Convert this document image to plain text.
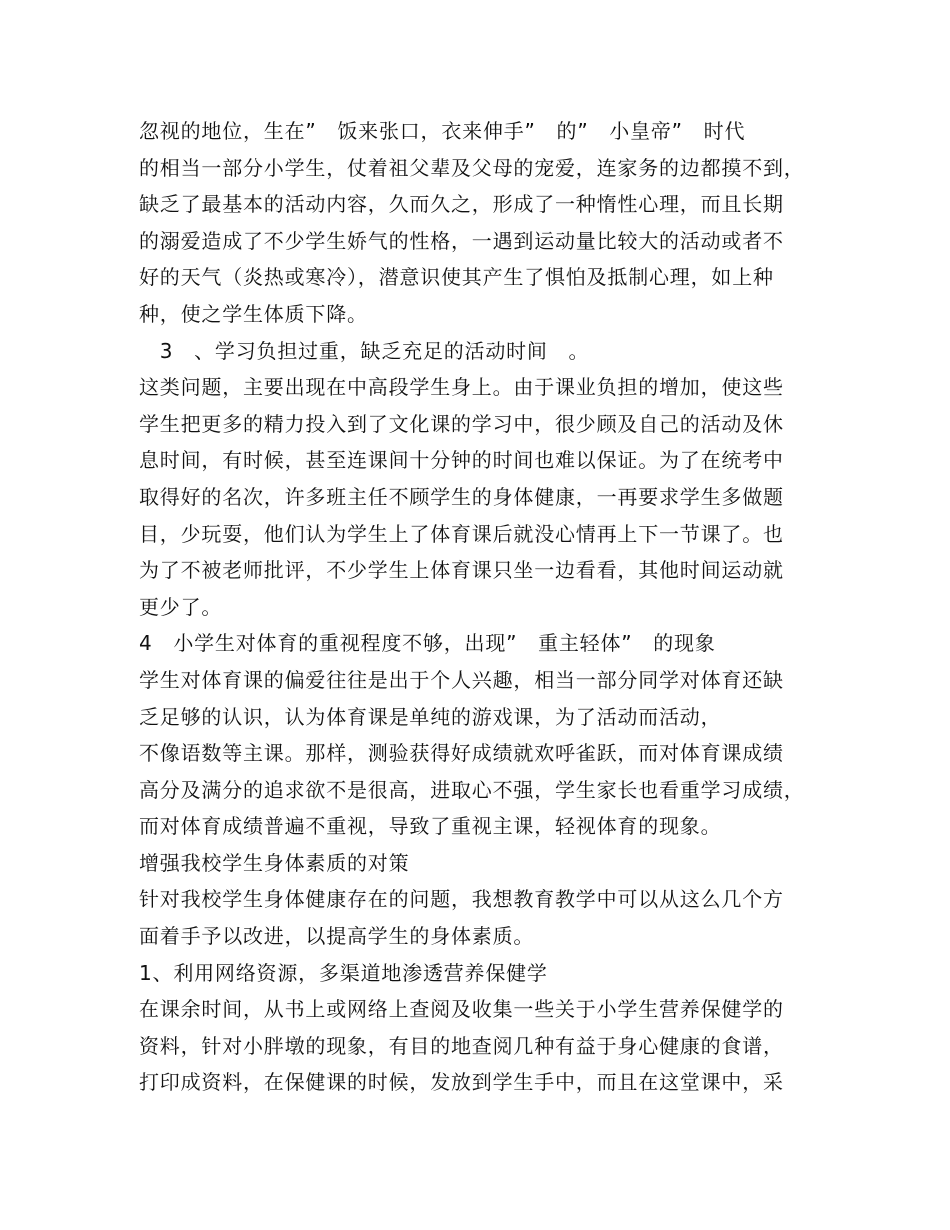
忽视的地位，生在”　饭来张口，衣来伸手”　的”　小皇帝”　时代
的相当一部分小学生，仗着祖父辈及父母的宠爱，连家务的边都摸不到，
缺乏了最基本的活动内容，久而久之，形成了一种惰性心理，而且长期
的溺爱造成了不少学生娇气的性格，一遇到运动量比较大的活动或者不
好的天气（炎热或寒冷），潜意识使其产生了惧怕及抵制心理，如上种
种，使之学生体质下降。
　3　、学习负担过重，缺乏充足的活动时间　。
这类问题，主要出现在中高段学生身上。由于课业负担的增加，使这些
学生把更多的精力投入到了文化课的学习中，很少顾及自己的活动及休
息时间，有时候，甚至连课间十分钟的时间也难以保证。为了在统考中
取得好的名次，许多班主任不顾学生的身体健康，一再要求学生多做题
目，少玩耍，他们认为学生上了体育课后就没心情再上下一节课了。也
为了不被老师批评，不少学生上体育课只坐一边看看，其他时间运动就
更少了。
4　小学生对体育的重视程度不够，出现”　重主轻体”　的现象
学生对体育课的偏爱往往是出于个人兴趣，相当一部分同学对体育还缺
乏足够的认识，认为体育课是单纯的游戏课，为了活动而活动，
不像语数等主课。那样，测验获得好成绩就欢呼雀跃，而对体育课成绩
高分及满分的追求欲不是很高，进取心不强，学生家长也看重学习成绩，
而对体育成绩普遍不重视，导致了重视主课，轻视体育的现象。
增强我校学生身体素质的对策
针对我校学生身体健康存在的问题，我想教育教学中可以从这么几个方
面着手予以改进，以提高学生的身体素质。
1、利用网络资源，多渠道地渗透营养保健学
在课余时间，从书上或网络上查阅及收集一些关于小学生营养保健学的
资料，针对小胖墩的现象，有目的地查阅几种有益于身心健康的食谱，
打印成资料，在保健课的时候，发放到学生手中，而且在这堂课中，采
